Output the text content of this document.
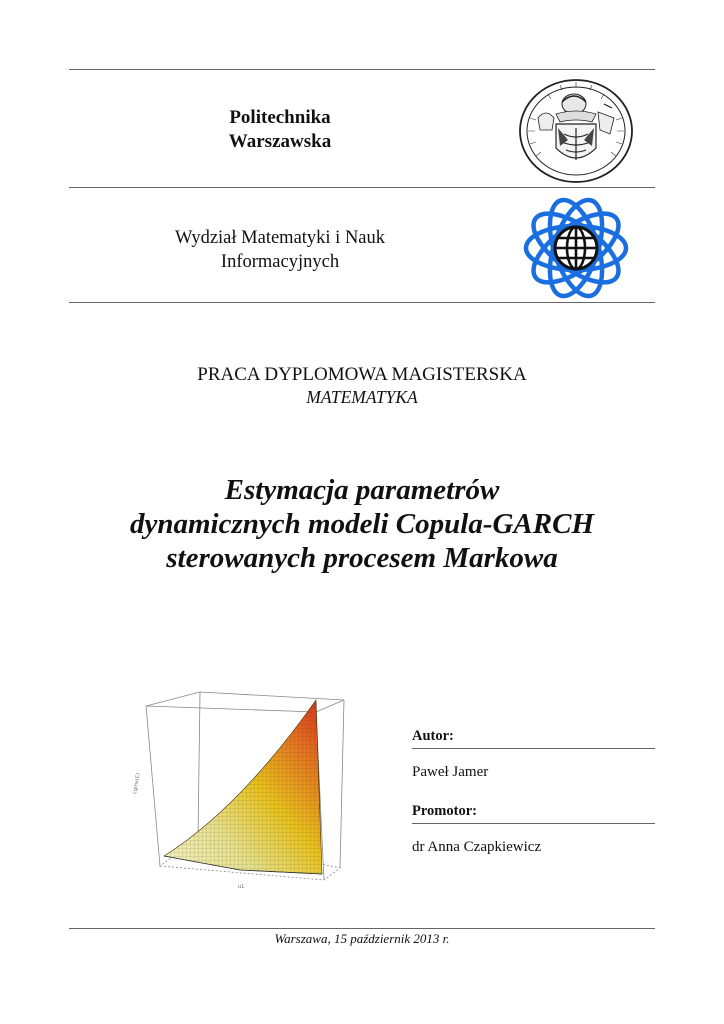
Politechnika
Warszawska
Wydział Matematyki i Nauk
Informacyjnych
PRACA DYPLOMOWA MAGISTERSKA
MATEMATYKA
Estymacja parametrów
dynamicznych modeli Copula-GARCH
sterowanych procesem Markowa
cgmv(C)
u1
Autor:
Paweł Jamer
Promotor:
dr Anna Czapkiewicz
Warszawa, 15 październik 2013 r.
